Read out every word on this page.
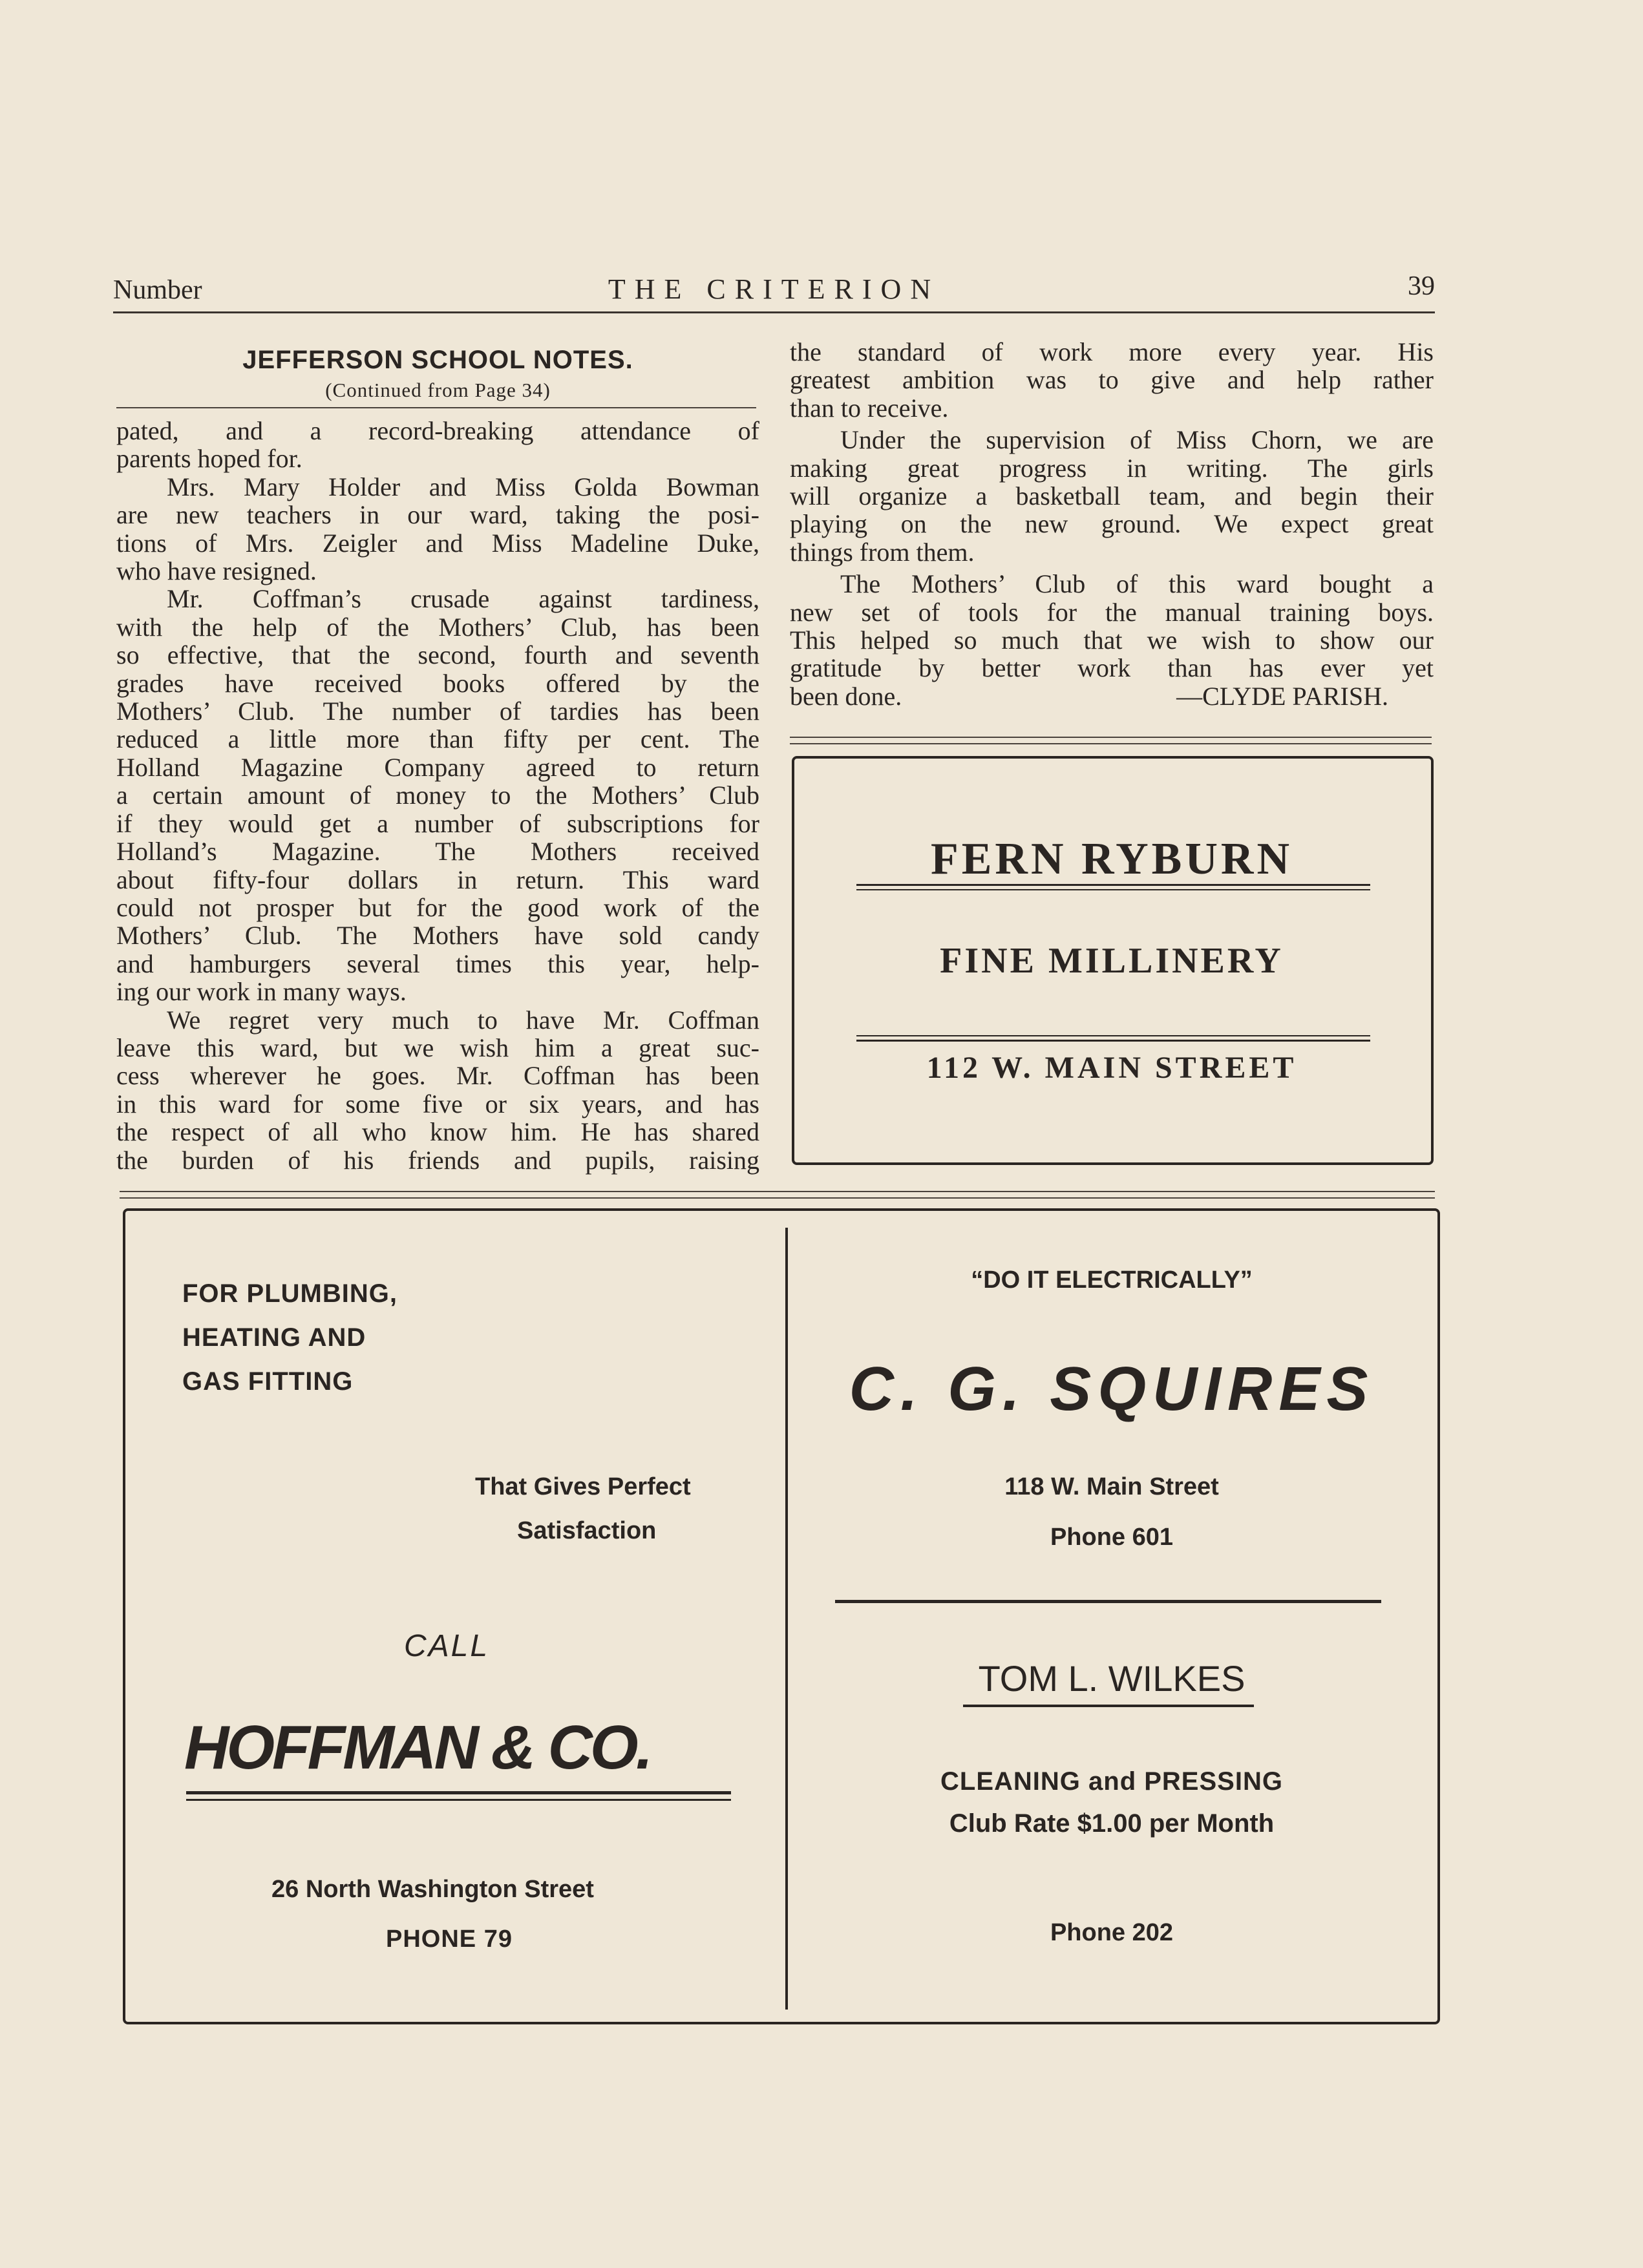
Number	THE CRITERION	39
JEFFERSON SCHOOL NOTES.
(Continued from Page 34)
pated, and a record-breaking attendance of
parents hoped for.
Mrs. Mary Holder and Miss Golda Bowman
are new teachers in our ward, taking the posi-
tions of Mrs. Zeigler and Miss Madeline Duke,
who have resigned.
Mr. Coffman’s crusade against tardiness,
with the help of the Mothers’ Club, has been
so effective, that the second, fourth and seventh
grades have received books offered by the
Mothers’ Club. The number of tardies has been
reduced a little more than fifty per cent. The
Holland Magazine Company agreed to return
a certain amount of money to the Mothers’ Club
if they would get a number of subscriptions for
Holland’s Magazine. The Mothers received
about fifty-four dollars in return. This ward
could not prosper but for the good work of the
Mothers’ Club. The Mothers have sold candy
and hamburgers several times this year, help-
ing our work in many ways.
We regret very much to have Mr. Coffman
leave this ward, but we wish him a great suc-
cess wherever he goes. Mr. Coffman has been
in this ward for some five or six years, and has
the respect of all who know him. He has shared
the burden of his friends and pupils, raising
the standard of work more every year. His
greatest ambition was to give and help rather
than to receive.
Under the supervision of Miss Chorn, we are
making great progress in writing. The girls
will organize a basketball team, and begin their
playing on the new ground. We expect great
things from them.
The Mothers’ Club of this ward bought a
new set of tools for the manual training boys.
This helped so much that we wish to show our
gratitude by better work than has ever yet
been done.	—CLYDE PARISH.
FERN RYBURN
FINE MILLINERY
112 W. MAIN STREET
FOR PLUMBING,
HEATING AND
GAS FITTING
That Gives Perfect
Satisfaction
CALL
HOFFMAN & CO.
26 North Washington Street
PHONE 79
“DO IT ELECTRICALLY”
C. G. SQUIRES
118 W. Main Street
Phone 601
TOM L. WILKES
CLEANING and PRESSING
Club Rate $1.00 per Month
Phone 202
